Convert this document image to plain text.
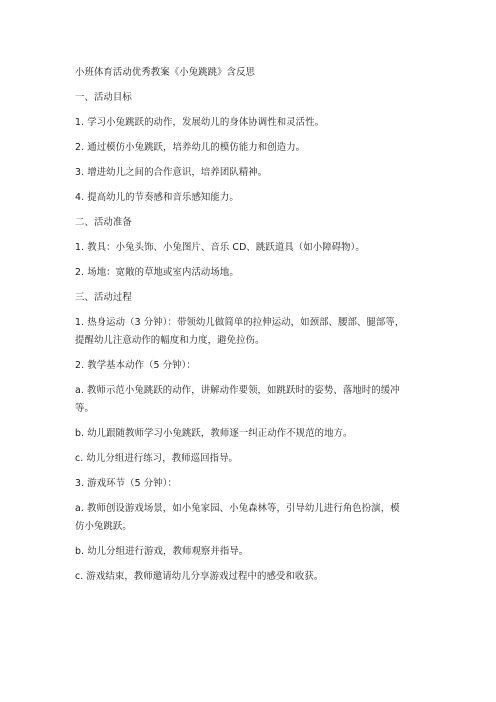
小班体育活动优秀教案《小兔跳跳》含反思
一、活动目标
1. 学习小兔跳跃的动作，发展幼儿的身体协调性和灵活性。
2. 通过模仿小兔跳跃，培养幼儿的模仿能力和创造力。
3. 增进幼儿之间的合作意识，培养团队精神。
4. 提高幼儿的节奏感和音乐感知能力。
二、活动准备
1. 教具：小兔头饰、小兔图片、音乐 CD、跳跃道具（如小障碍物）。
2. 场地：宽敞的草地或室内活动场地。
三、活动过程
1. 热身运动（3 分钟）：带领幼儿做简单的拉伸运动，如颈部、腰部、腿部等，
提醒幼儿注意动作的幅度和力度，避免拉伤。
2. 教学基本动作（5 分钟）：
a. 教师示范小兔跳跃的动作，讲解动作要领，如跳跃时的姿势、落地时的缓冲
等。
b. 幼儿跟随教师学习小兔跳跃，教师逐一纠正动作不规范的地方。
c. 幼儿分组进行练习，教师巡回指导。
3. 游戏环节（5 分钟）：
a. 教师创设游戏场景，如小兔家园、小兔森林等，引导幼儿进行角色扮演，模
仿小兔跳跃。
b. 幼儿分组进行游戏，教师观察并指导。
c. 游戏结束，教师邀请幼儿分享游戏过程中的感受和收获。
